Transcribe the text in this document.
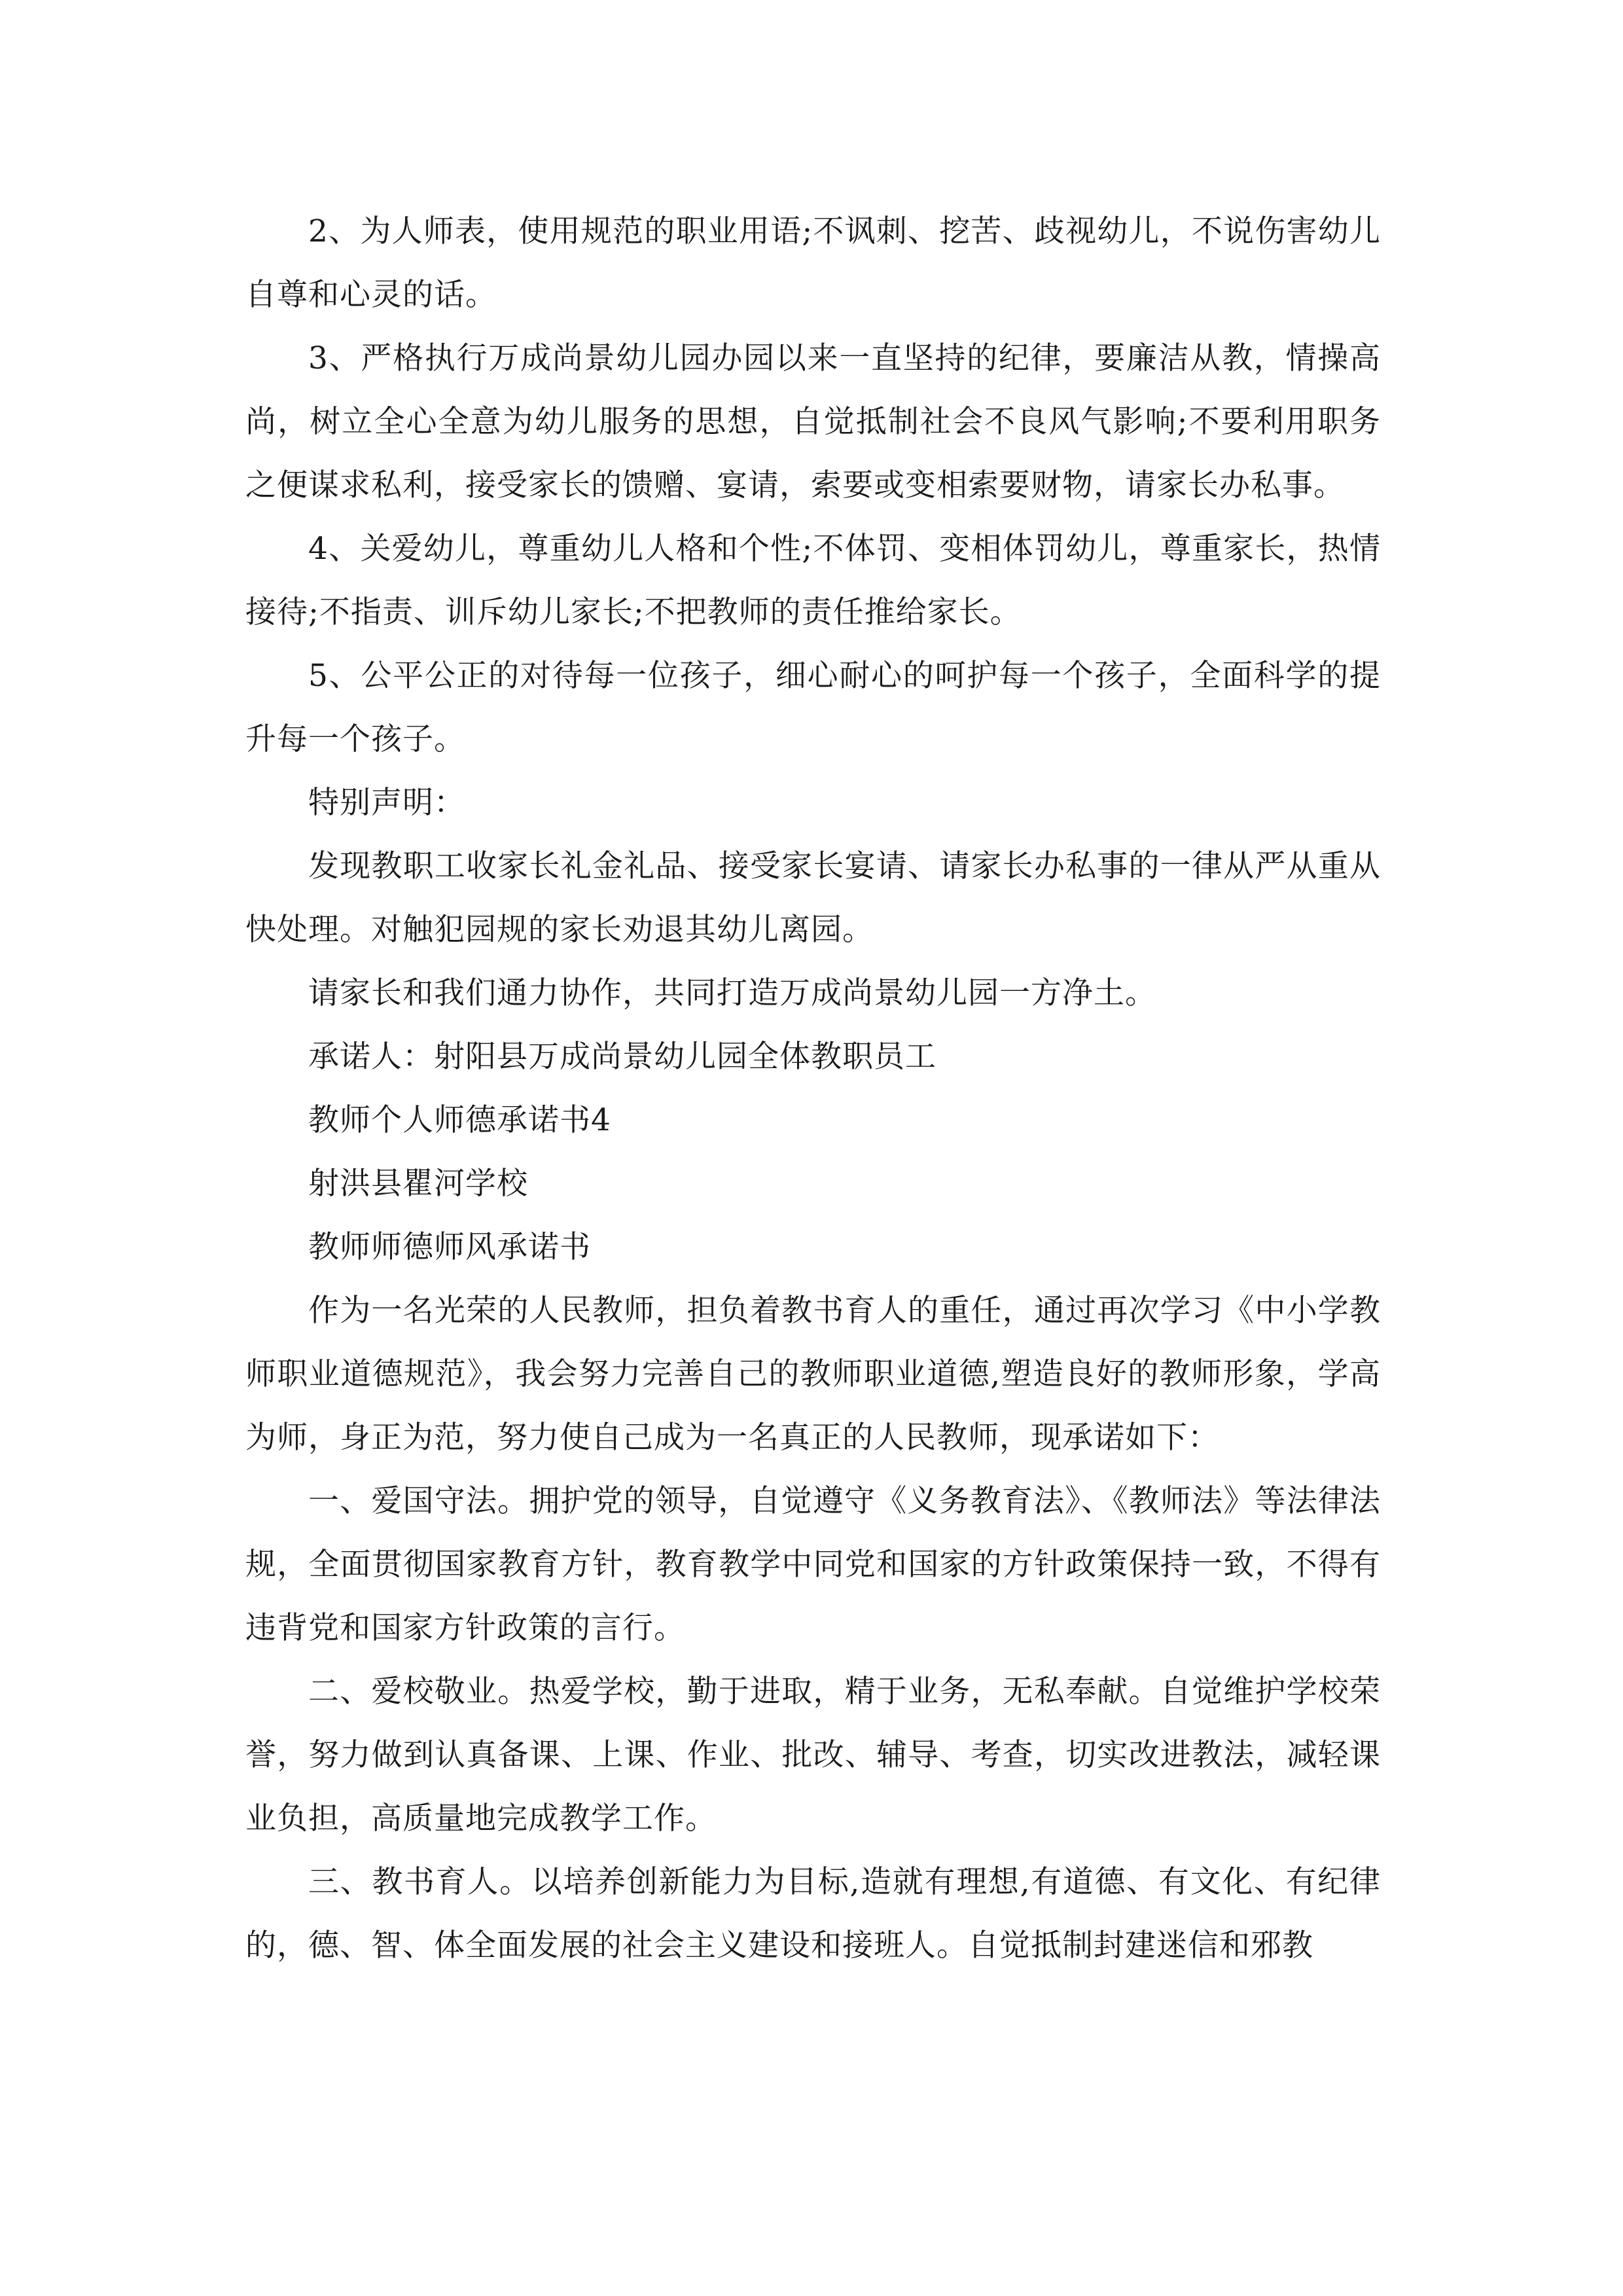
2、为人师表，使用规范的职业用语;不讽刺、挖苦、歧视幼儿，不说伤害幼儿自尊和心灵的话。

3、严格执行万成尚景幼儿园办园以来一直坚持的纪律，要廉洁从教，情操高尚，树立全心全意为幼儿服务的思想，自觉抵制社会不良风气影响;不要利用职务之便谋求私利，接受家长的馈赠、宴请，索要或变相索要财物，请家长办私事。

4、关爱幼儿，尊重幼儿人格和个性;不体罚、变相体罚幼儿，尊重家长，热情接待;不指责、训斥幼儿家长;不把教师的责任推给家长。

5、公平公正的对待每一位孩子，细心耐心的呵护每一个孩子，全面科学的提升每一个孩子。

特别声明：

发现教职工收家长礼金礼品、接受家长宴请、请家长办私事的一律从严从重从快处理。对触犯园规的家长劝退其幼儿离园。

请家长和我们通力协作，共同打造万成尚景幼儿园一方净土。

承诺人：射阳县万成尚景幼儿园全体教职员工

教师个人师德承诺书4

射洪县瞿河学校

教师师德师风承诺书

作为一名光荣的人民教师，担负着教书育人的重任，通过再次学习《中小学教师职业道德规范》，我会努力完善自己的教师职业道德,塑造良好的教师形象，学高为师，身正为范，努力使自己成为一名真正的人民教师，现承诺如下：

一、爱国守法。拥护党的领导，自觉遵守《义务教育法》、《教师法》等法律法规，全面贯彻国家教育方针，教育教学中同党和国家的方针政策保持一致，不得有违背党和国家方针政策的言行。

二、爱校敬业。热爱学校，勤于进取，精于业务，无私奉献。自觉维护学校荣誉，努力做到认真备课、上课、作业、批改、辅导、考查，切实改进教法，减轻课业负担，高质量地完成教学工作。

三、教书育人。以培养创新能力为目标,造就有理想,有道德、有文化、有纪律的，德、智、体全面发展的社会主义建设和接班人。自觉抵制封建迷信和邪教
